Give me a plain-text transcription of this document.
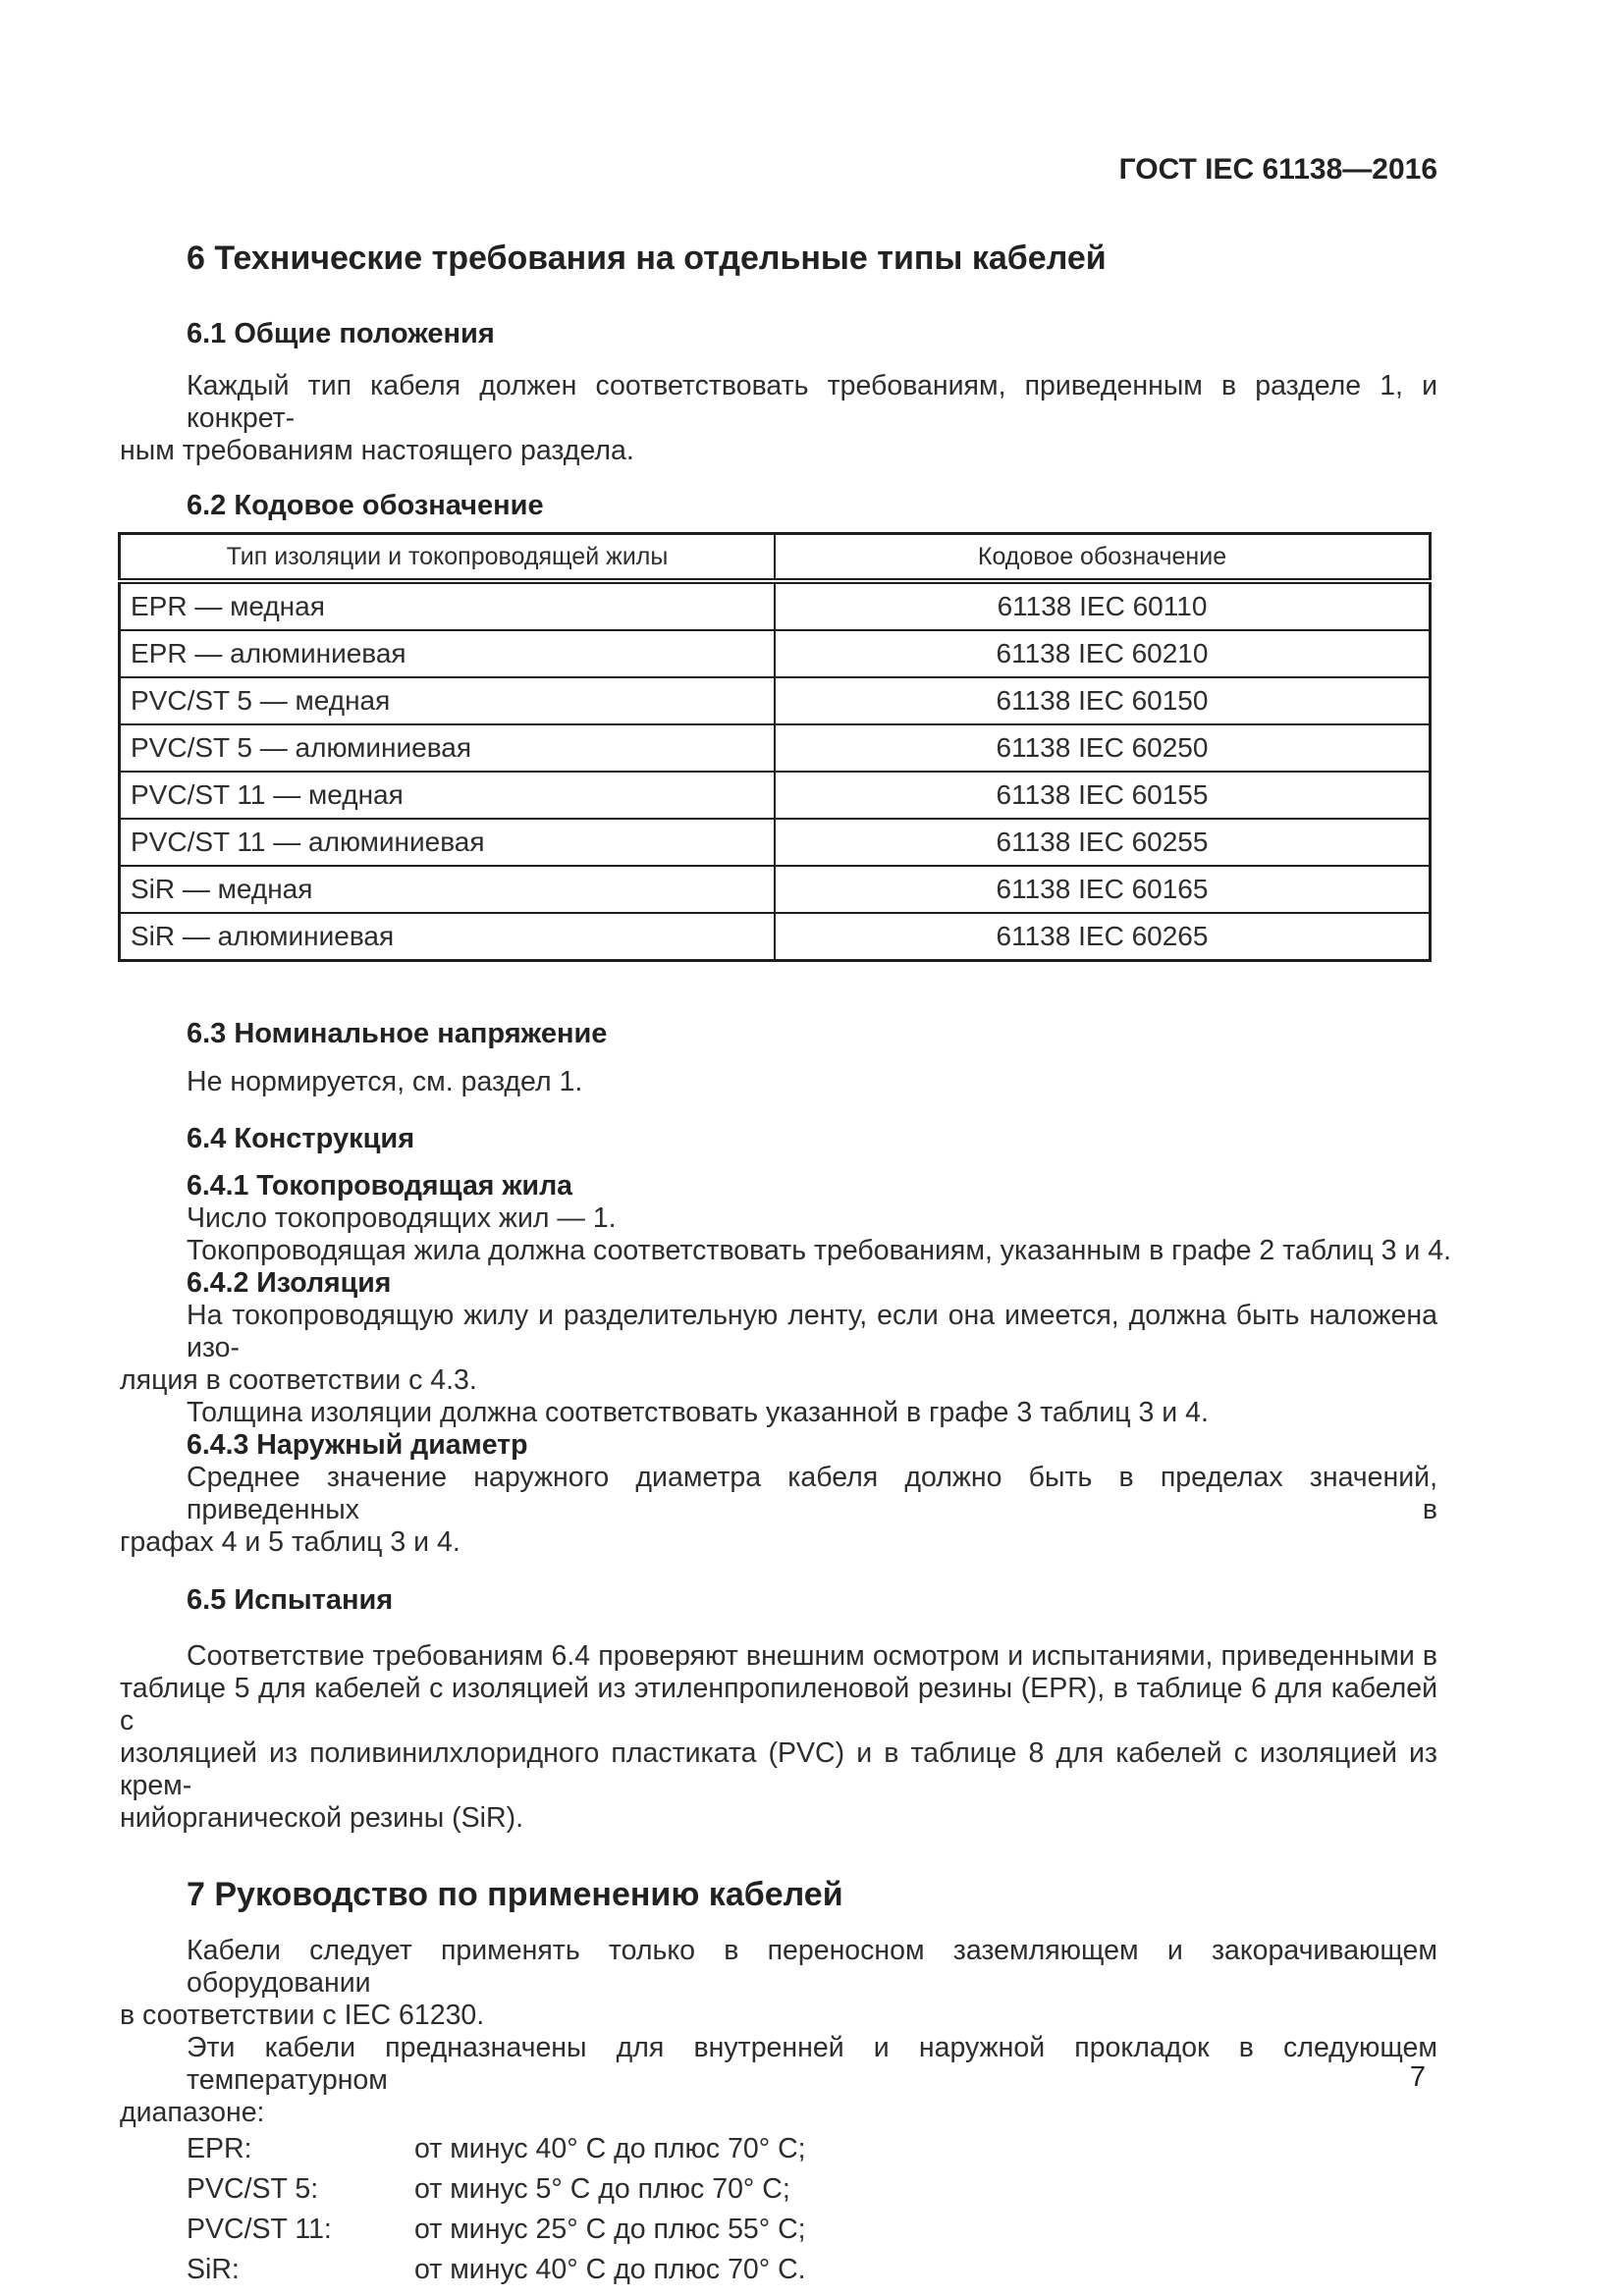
ГОСТ IEC 61138—2016
6 Технические требования на отдельные типы кабелей
6.1 Общие положения
Каждый тип кабеля должен соответствовать требованиям, приведенным в разделе 1, и конкрет-
ным требованиям настоящего раздела.
6.2 Кодовое обозначение
Тип изоляции и токопроводящей жилы	Кодовое обозначение
EPR — медная	61138 IEC 60110
EPR — алюминиевая	61138 IEC 60210
PVC/ST 5 — медная	61138 IEC 60150
PVC/ST 5 — алюминиевая	61138 IEC 60250
PVC/ST 11 — медная	61138 IEC 60155
PVC/ST 11 — алюминиевая	61138 IEC 60255
SiR — медная	61138 IEC 60165
SiR — алюминиевая	61138 IEC 60265
6.3 Номинальное напряжение
Не нормируется, см. раздел 1.
6.4 Конструкция
6.4.1 Токопроводящая жила
Число токопроводящих жил — 1.
Токопроводящая жила должна соответствовать требованиям, указанным в графе 2 таблиц 3 и 4.
6.4.2 Изоляция
На токопроводящую жилу и разделительную ленту, если она имеется, должна быть наложена изо-
ляция в соответствии с 4.3.
Толщина изоляции должна соответствовать указанной в графе 3 таблиц 3 и 4.
6.4.3 Наружный диаметр
Среднее значение наружного диаметра кабеля должно быть в пределах значений, приведенных в
графах 4 и 5 таблиц 3 и 4.
6.5 Испытания
Соответствие требованиям 6.4 проверяют внешним осмотром и испытаниями, приведенными в
таблице 5 для кабелей с изоляцией из этиленпропиленовой резины (EPR), в таблице 6 для кабелей с
изоляцией из поливинилхлоридного пластиката (PVC) и в таблице 8 для кабелей с изоляцией из крем-
нийорганической резины (SiR).
7 Руководство по применению кабелей
Кабели следует применять только в переносном заземляющем и закорачивающем оборудовании
в соответствии с IEC 61230.
Эти кабели предназначены для внутренней и наружной прокладок в следующем температурном
диапазоне:
EPR:	от минус 40° С до плюс 70° С;
PVC/ST 5:	от минус 5° С до плюс 70° С;
PVC/ST 11:	от минус 25° С до плюс 55° С;
SiR:	от минус 40° С до плюс 70° С.
7
